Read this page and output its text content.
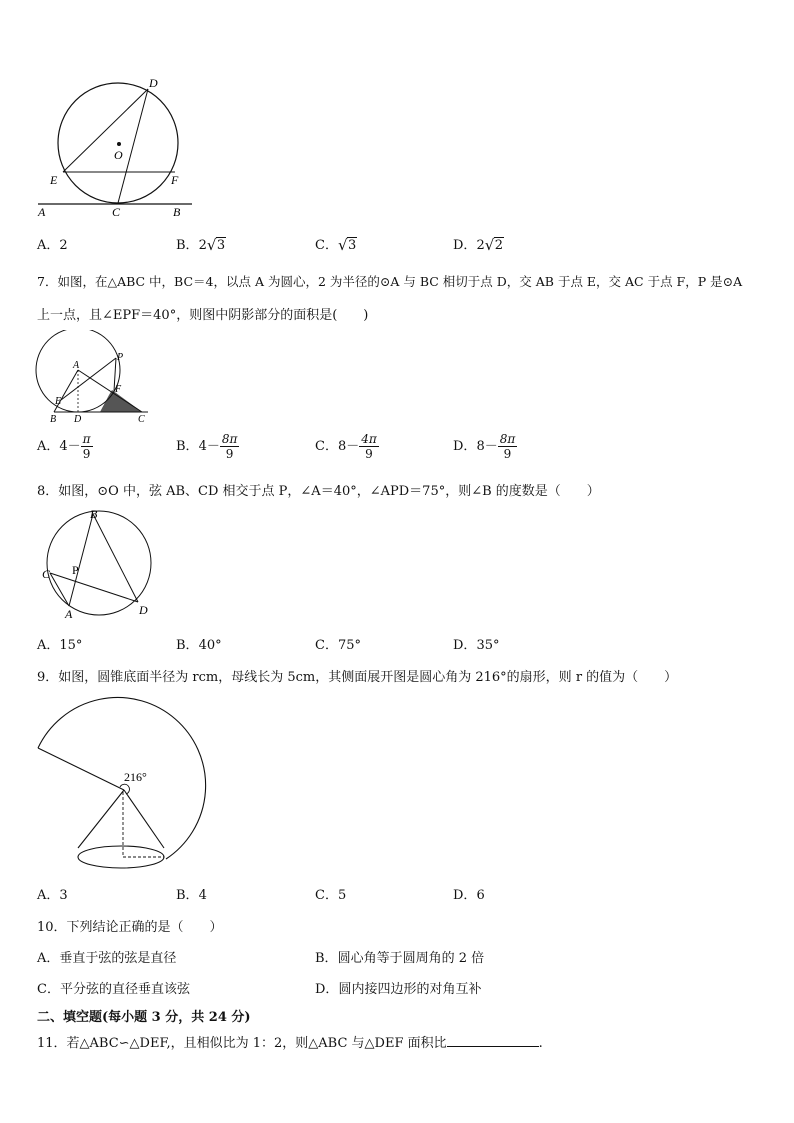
D
O
E	F
A	C	B
A．2	B．2 √ 3	C． √ 3	D．2 √ 2
7．如图，在△ABC 中，BC＝4，以点 A 为圆心，2 为半径的⊙A 与 BC 相切于点 D，交 AB 于点 E，交 AC 于点 F，P 是⊙A
上一点，且∠EPF＝40°，则图中阴影部分的面积是(　　)
P
A
F
E
B D	C
A．$4- \frac{\pi}{9}$	B．$4- \frac{8\pi}{9}$	C．$8- \frac{4\pi}{9}$	D．$8- \frac{8\pi}{9}$
8．如图，⊙O 中，弦 AB、CD 相交于点 P，∠A＝40°，∠APD＝75°，则∠B 的度数是（　　）
B
C P
A	D
A．15°	B．40°	C．75°	D．35°
9．如图，圆锥底面半径为 rcm，母线长为 5cm，其侧面展开图是圆心角为 216°的扇形，则 r 的值为（　　）
216°
A．3	B．4	C．5	D．6
10．下列结论正确的是（　　）
A．垂直于弦的弦是直径	B．圆心角等于圆周角的 2 倍
C．平分弦的直径垂直该弦	D．圆内接四边形的对角互补
二、填空题(每小题 3 分，共 24 分)
11．若△ABC∽△DEF,，且相似比为 1：2，则△ABC 与△DEF 面积比	.
